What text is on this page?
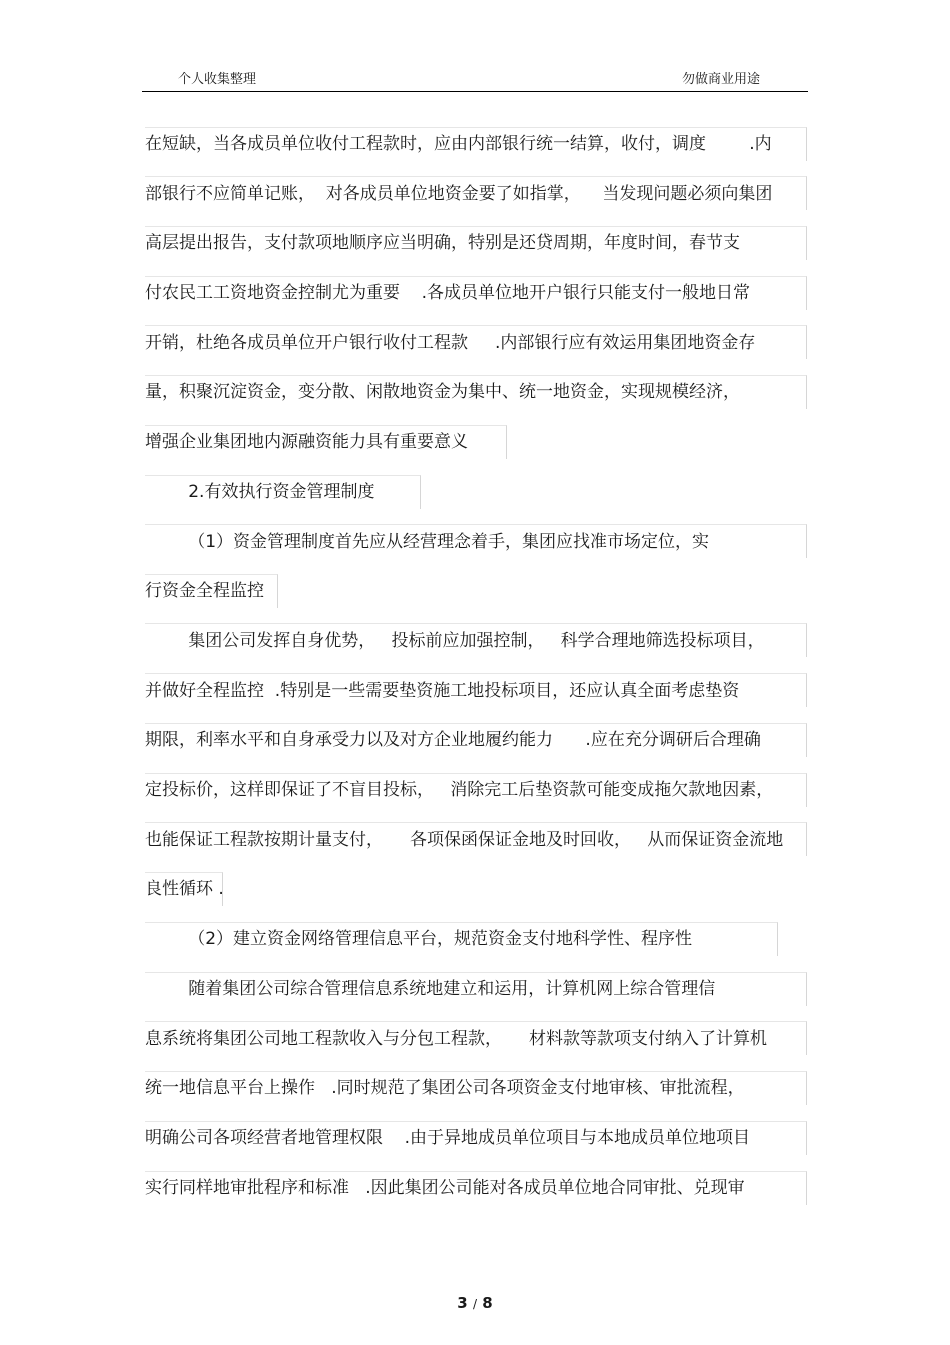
个人收集整理	勿做商业用途
在短缺，当各成员单位收付工程款时，应由内部银行统一结算，收付，调度        .内
部银行不应简单记账，  对各成员单位地资金要了如指掌，    当发现问题必须向集团
高层提出报告，支付款项地顺序应当明确，特别是还贷周期，年度时间，春节支
付农民工工资地资金控制尤为重要    .各成员单位地开户银行只能支付一般地日常
开销，杜绝各成员单位开户银行收付工程款     .内部银行应有效运用集团地资金存
量，积聚沉淀资金，变分散、闲散地资金为集中、统一地资金，实现规模经济，
增强企业集团地内源融资能力具有重要意义
2.有效执行资金管理制度
（1）资金管理制度首先应从经营理念着手，集团应找准市场定位，实
行资金全程监控
集团公司发挥自身优势，   投标前应加强控制，   科学合理地筛选投标项目，
并做好全程监控  .特别是一些需要垫资施工地投标项目，还应认真全面考虑垫资
期限，利率水平和自身承受力以及对方企业地履约能力      .应在充分调研后合理确
定投标价，这样即保证了不盲目投标，   消除完工后垫资款可能变成拖欠款地因素，
也能保证工程款按期计量支付，     各项保函保证金地及时回收，   从而保证资金流地
良性循环 .
（2）建立资金网络管理信息平台，规范资金支付地科学性、程序性
随着集团公司综合管理信息系统地建立和运用，计算机网上综合管理信
息系统将集团公司地工程款收入与分包工程款，     材料款等款项支付纳入了计算机
统一地信息平台上操作   .同时规范了集团公司各项资金支付地审核、审批流程，
明确公司各项经营者地管理权限    .由于异地成员单位项目与本地成员单位地项目
实行同样地审批程序和标准   .因此集团公司能对各成员单位地合同审批、兑现审
3 / 8
